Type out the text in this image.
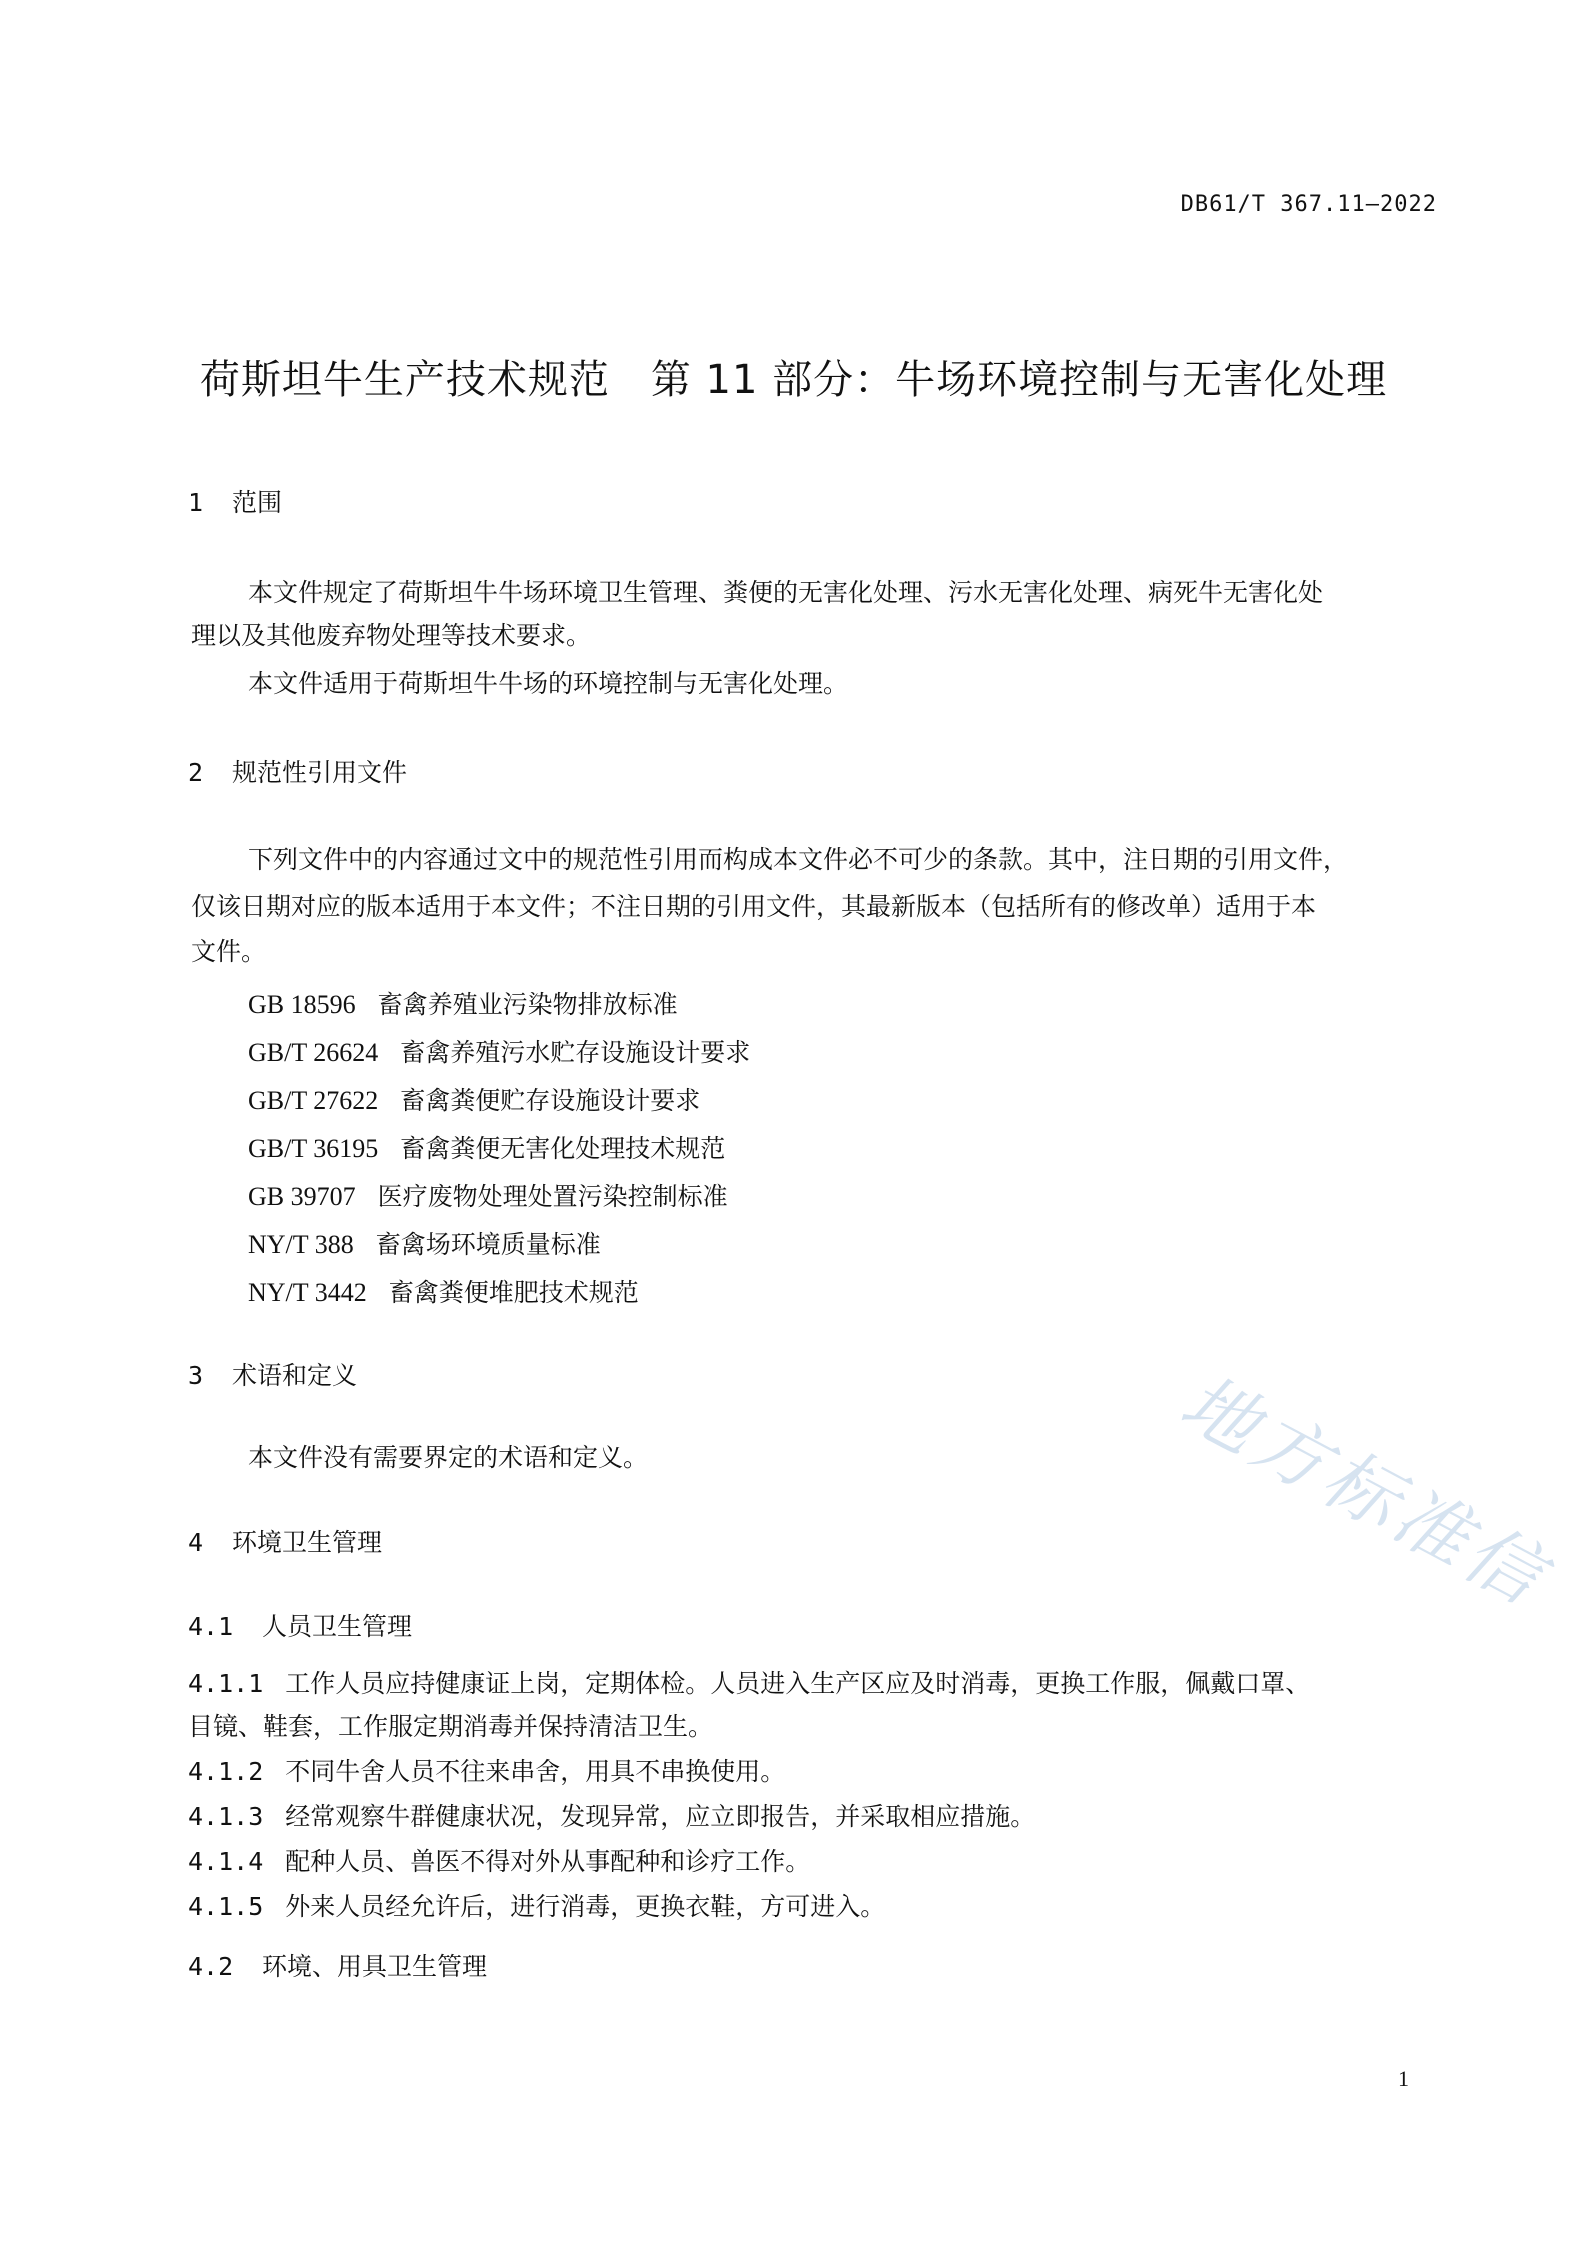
DB61/T 367.11—2022
荷斯坦牛生产技术规范　第 11 部分：牛场环境控制与无害化处理
1 范围
本文件规定了荷斯坦牛牛场环境卫生管理、粪便的无害化处理、污水无害化处理、病死牛无害化处
理以及其他废弃物处理等技术要求。
本文件适用于荷斯坦牛牛场的环境控制与无害化处理。
2 规范性引用文件
下列文件中的内容通过文中的规范性引用而构成本文件必不可少的条款。其中，注日期的引用文件，
仅该日期对应的版本适用于本文件；不注日期的引用文件，其最新版本（包括所有的修改单）适用于本
文件。
GB 18596 畜禽养殖业污染物排放标准
GB/T 26624 畜禽养殖污水贮存设施设计要求
GB/T 27622 畜禽粪便贮存设施设计要求
GB/T 36195 畜禽粪便无害化处理技术规范
GB 39707 医疗废物处理处置污染控制标准
NY/T 388 畜禽场环境质量标准
NY/T 3442 畜禽粪便堆肥技术规范
3 术语和定义
本文件没有需要界定的术语和定义。
4 环境卫生管理
4.1 人员卫生管理
4.1.1 工作人员应持健康证上岗，定期体检。人员进入生产区应及时消毒，更换工作服，佩戴口罩、
目镜、鞋套，工作服定期消毒并保持清洁卫生。
4.1.2 不同牛舍人员不往来串舍，用具不串换使用。
4.1.3 经常观察牛群健康状况，发现异常，应立即报告，并采取相应措施。
4.1.4 配种人员、兽医不得对外从事配种和诊疗工作。
4.1.5 外来人员经允许后，进行消毒，更换衣鞋，方可进入。
4.2 环境、用具卫生管理
地方标准信
1
